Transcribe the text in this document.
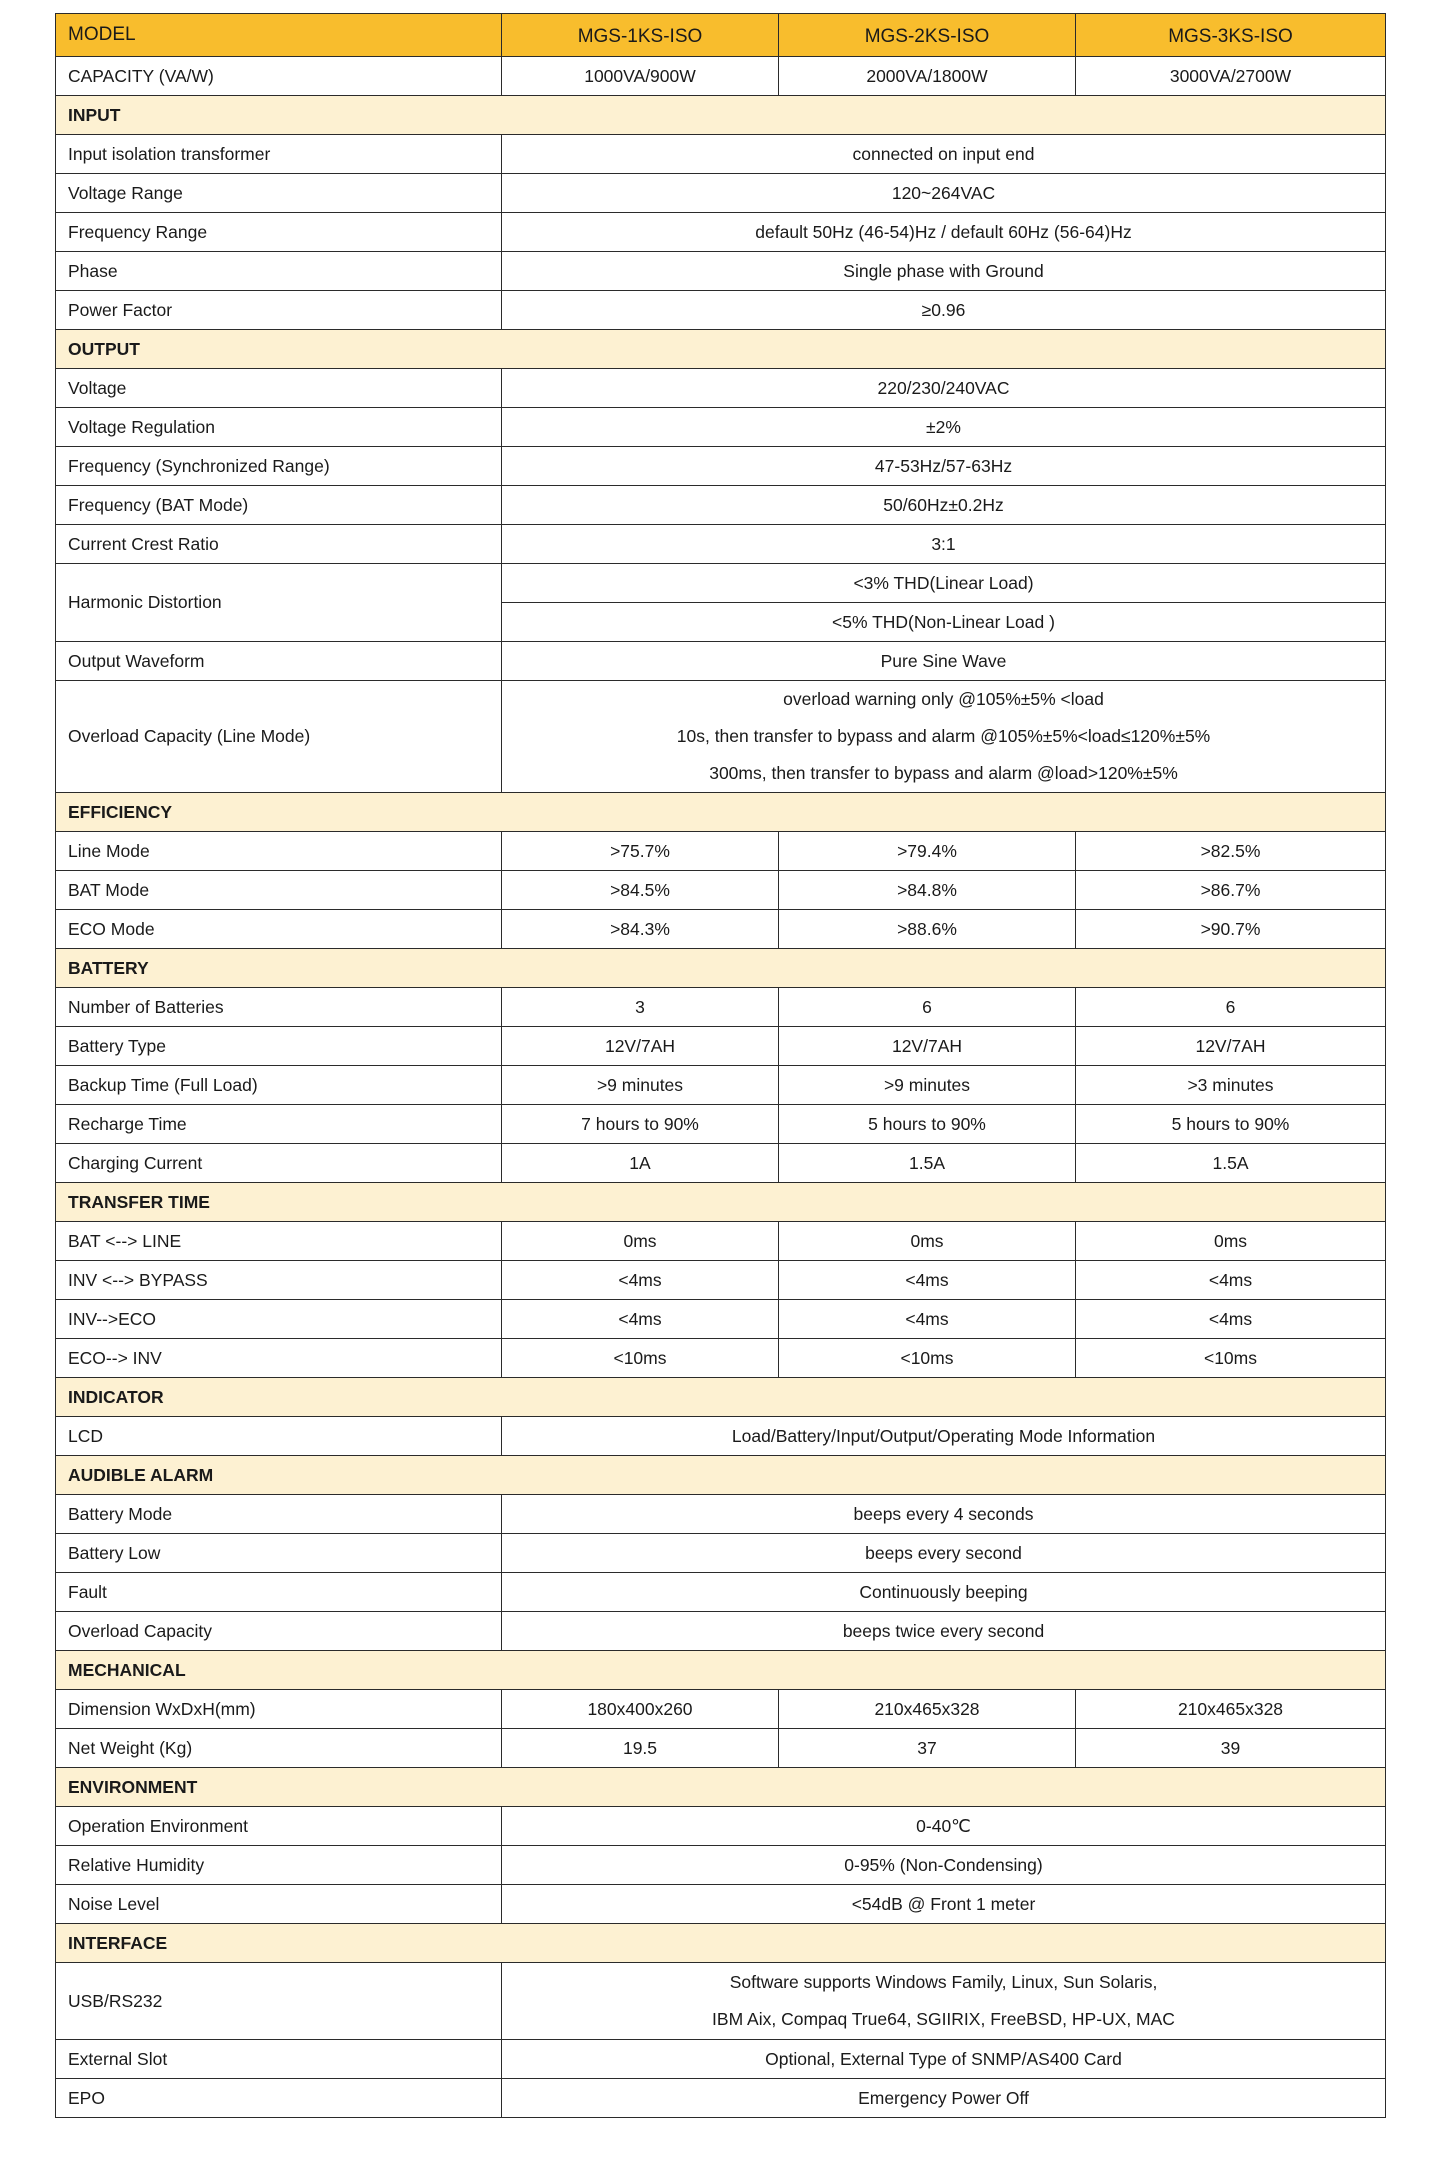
MODEL	MGS-1KS-ISO	MGS-2KS-ISO	MGS-3KS-ISO
CAPACITY (VA/W)	1000VA/900W	2000VA/1800W	3000VA/2700W
INPUT			
Input isolation transformer	connected on input end		
Voltage Range	120~264VAC		
Frequency Range	default 50Hz (46-54)Hz / default 60Hz (56-64)Hz		
Phase	Single phase with Ground		
Power Factor	≥0.96		
OUTPUT			
Voltage	220/230/240VAC		
Voltage Regulation	±2%		
Frequency (Synchronized Range)	47-53Hz/57-63Hz		
Frequency (BAT Mode)	50/60Hz±0.2Hz		
Current Crest Ratio	3:1		
Harmonic Distortion	<3% THD(Linear Load)		
	<5% THD(Non-Linear Load )		
Output Waveform	Pure Sine Wave		
Overload Capacity (Line Mode)	overload warning only @105%±5% <load
10s, then transfer to bypass and alarm @105%±5%<load≤120%±5%
300ms, then transfer to bypass and alarm @load>120%±5%		

EFFICIENCY			
Line Mode	>75.7%	>79.4%	>82.5%
BAT Mode	>84.5%	>84.8%	>86.7%
ECO Mode	>84.3%	>88.6%	>90.7%
BATTERY			
Number of Batteries	3	6	6
Battery Type	12V/7AH	12V/7AH	12V/7AH
Backup Time (Full Load)	>9 minutes	>9 minutes	>3 minutes
Recharge Time	7 hours to 90%	5 hours to 90%	5 hours to 90%
Charging Current	1A	1.5A	1.5A
TRANSFER TIME			
BAT <--> LINE	0ms	0ms	0ms
INV <--> BYPASS	<4ms	<4ms	<4ms
INV-->ECO	<4ms	<4ms	<4ms
ECO--> INV	<10ms	<10ms	<10ms
INDICATOR			
LCD	Load/Battery/Input/Output/Operating Mode Information		
AUDIBLE ALARM			
Battery Mode	beeps every 4 seconds		
Battery Low	beeps every second		
Fault	Continuously beeping		
Overload Capacity	beeps twice every second		
MECHANICAL			
Dimension WxDxH(mm)	180x400x260	210x465x328	210x465x328
Net Weight (Kg)	19.5	37	39
ENVIRONMENT			
Operation Environment	0-40℃		
Relative Humidity	0-95% (Non-Condensing)		
Noise Level	<54dB @ Front 1 meter		
INTERFACE			
USB/RS232	Software supports Windows Family, Linux, Sun Solaris,
IBM Aix, Compaq True64, SGIIRIX, FreeBSD, HP-UX, MAC		

External Slot	Optional, External Type of SNMP/AS400 Card		
EPO	Emergency Power Off		
